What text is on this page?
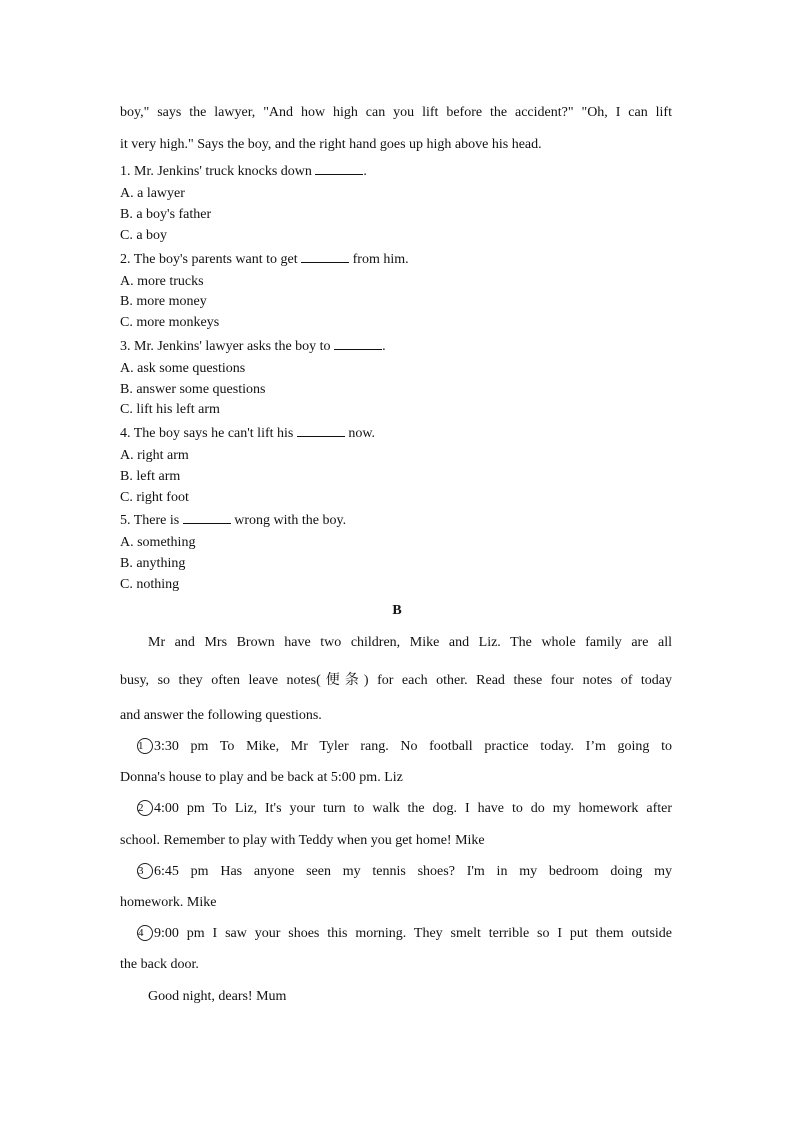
boy," says the lawyer, "And how high can you lift before the accident?" "Oh, I can lift
it very high." Says the boy, and the right hand goes up high above his head.
1. Mr. Jenkins' truck knocks down	.
A. a lawyer
B. a boy's father
C. a boy
2. The boy's parents want to get	from him.
A. more trucks
B. more money
C. more monkeys
3. Mr. Jenkins' lawyer asks the boy to	.
A. ask some questions
B. answer some questions
C. lift his left arm
4. The boy says he can't lift his	now.
A. right arm
B. left arm
C. right foot
5. There is	wrong with the boy.
A. something
B. anything
C. nothing
B
Mr and Mrs Brown have two children, Mike and Liz. The whole family are all
busy, so they often leave notes(便条) for each other. Read these four notes of today
and answer the following questions.
1 3:30 pm To Mike, Mr Tyler rang. No football practice today. I’m going to
Donna's house to play and be back at 5:00 pm. Liz
2 4:00 pm To Liz, It's your turn to walk the dog. I have to do my homework after
school. Remember to play with Teddy when you get home! Mike
3 6:45 pm Has anyone seen my tennis shoes? I'm in my bedroom doing my
homework. Mike
4 9:00 pm I saw your shoes this morning. They smelt terrible so I put them outside
the back door.
Good night, dears! Mum
